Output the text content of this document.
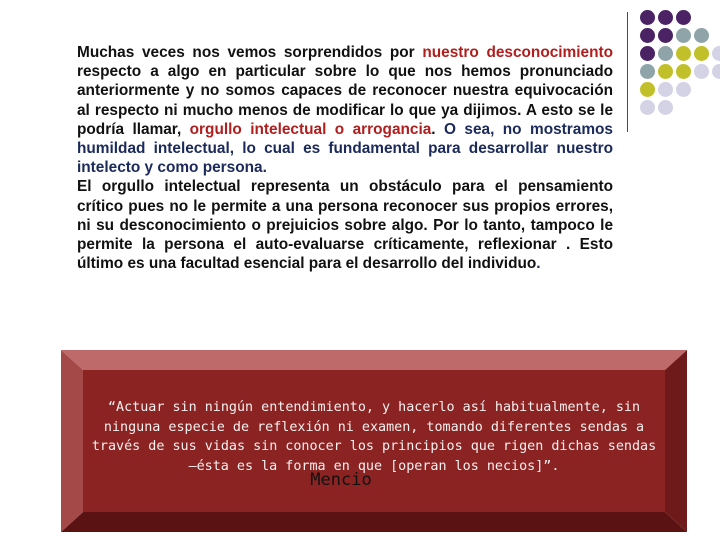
Muchas veces nos vemos sorprendidos por nuestro desconocimiento respecto a algo en particular sobre lo que nos hemos pronunciado anteriormente y no somos capaces de reconocer nuestra equivocación al respecto ni mucho menos de modificar lo que ya dijimos. A esto se le podría llamar, orgullo intelectual o arrogancia. O sea, no mostramos humildad intelectual, lo cual es fundamental para desarrollar nuestro intelecto y como persona.

El orgullo intelectual representa un obstáculo para el pensamiento crítico pues no le permite a una persona reconocer sus propios errores, ni su desconocimiento o prejuicios sobre algo. Por lo tanto, tampoco le permite la persona el auto-evaluarse críticamente, reflexionar . Esto último es una facultad esencial para el desarrollo del individuo.

“Actuar sin ningún entendimiento, y hacerlo así habitualmente, sin
ninguna especie de reflexión ni examen, tomando diferentes sendas a
través de sus vidas sin conocer los principios que rigen dichas sendas
—ésta es la forma en que [operan los necios]”.
Mencio
